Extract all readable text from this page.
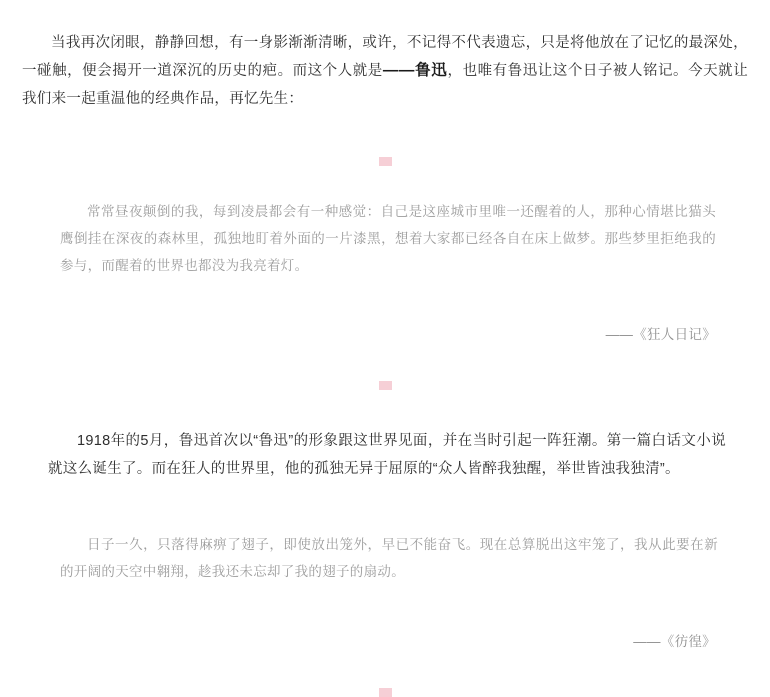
当我再次闭眼，静静回想，有一身影渐渐清晰，或许，不记得不代表遗忘，只是将他放在了记忆的最深处，一碰触，便会揭开一道深沉的历史的疤。而这个人就是——鲁迅，也唯有鲁迅让这个日子被人铭记。今天就让我们来一起重温他的经典作品，再忆先生：

常常昼夜颠倒的我，每到凌晨都会有一种感觉：自己是这座城市里唯一还醒着的人，那种心情堪比猫头鹰倒挂在深夜的森林里，孤独地盯着外面的一片漆黑，想着大家都已经各自在床上做梦。那些梦里拒绝我的参与，而醒着的世界也都没为我亮着灯。

——《狂人日记》

1918年的5月，鲁迅首次以“鲁迅”的形象跟这世界见面，并在当时引起一阵狂潮。第一篇白话文小说就这么诞生了。而在狂人的世界里，他的孤独无异于屈原的“众人皆醉我独醒，举世皆浊我独清”。

日子一久，只落得麻痹了翅子，即使放出笼外，早已不能奋飞。现在总算脱出这牢笼了，我从此要在新的开阔的天空中翱翔，趁我还未忘却了我的翅子的扇动。

——《彷徨》
